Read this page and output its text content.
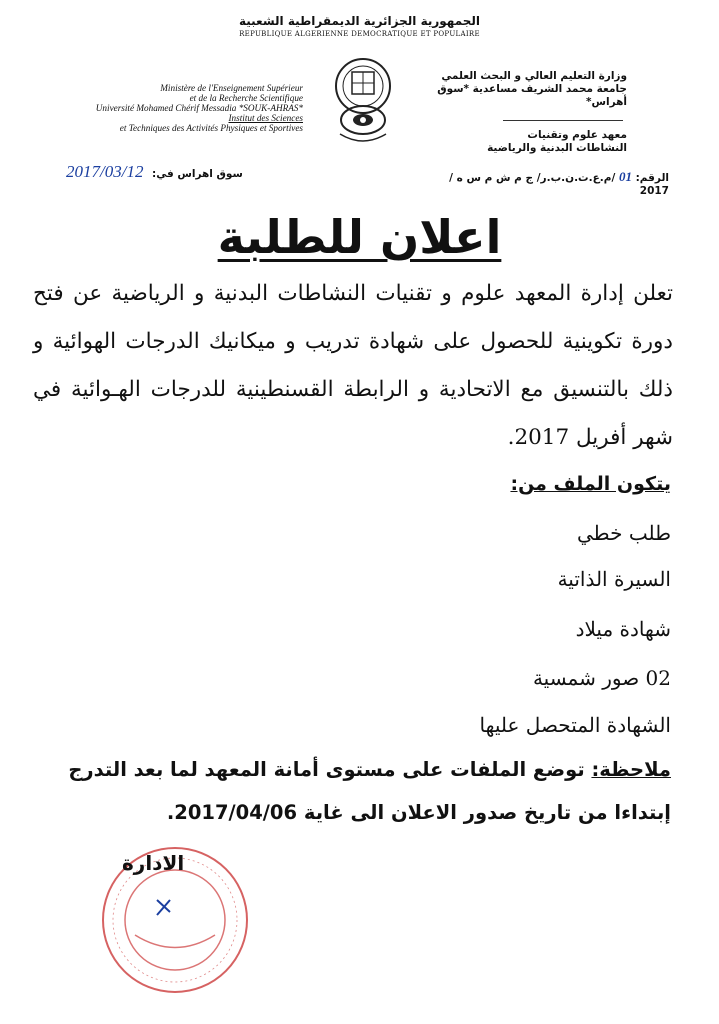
الجمهورية الجزائرية الديمقراطية الشعبية
REPUBLIQUE ALGERIENNE DEMOCRATIQUE ET POPULAIRE
Ministère de l'Enseignement Supérieur
et de la Recherche Scientifique
Université Mohamed Chérif Messadia *SOUK-AHRAS*
Institut des Sciences
et Techniques des Activités Physiques et Sportives
وزارة التعليم العالي و البحث العلمي
جامعة محمد الشريف مساعدية *سوق أهراس*
معهد علوم وتقنيات
النشاطات البدنية والرياضية
الرقم: 01 /م.ع.ت.ن.ب.ر/ ج م ش م س ه / 2017
سوق اهراس في:
2017/03/12
اعلان للطلبة
تعلن إدارة المعهد علوم و تقنيات النشاطات البدنية و الرياضية عن فتح دورة تكوينية للحصول على شهادة تدريب و ميكانيك الدرجات الهوائية و ذلك بالتنسيق مع الاتحادية و الرابطة القسنطينية للدرجات الهـوائية في شهر أفريل 2017.
يتكون الملف من:
طلب خطي
السيرة الذاتية
شهادة ميلاد
02 صور شمسية
الشهادة المتحصل عليها
ملاحظة: توضع الملفات على مستوى أمانة المعهد لما بعد التدرج
إبتداءا من تاريخ صدور الاعلان الى غاية 2017/04/06.
الادارة
